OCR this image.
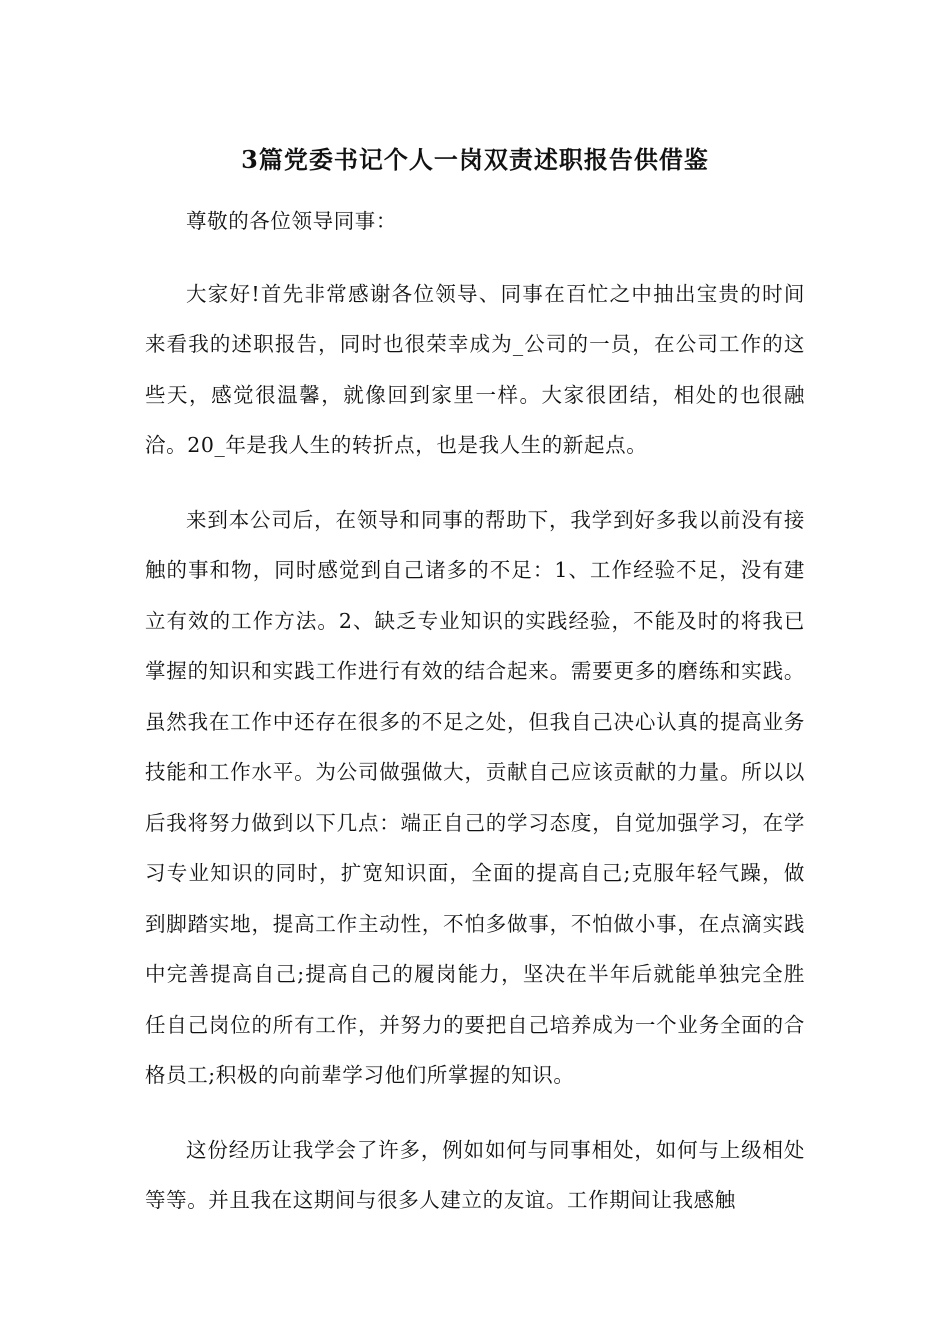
3篇党委书记个人一岗双责述职报告供借鉴

尊敬的各位领导同事：

大家好!首先非常感谢各位领导、同事在百忙之中抽出宝贵的时间来看我的述职报告，同时也很荣幸成为_公司的一员，在公司工作的这些天，感觉很温馨，就像回到家里一样。大家很团结，相处的也很融洽。20_年是我人生的转折点，也是我人生的新起点。

来到本公司后，在领导和同事的帮助下，我学到好多我以前没有接触的事和物，同时感觉到自己诸多的不足：1、工作经验不足，没有建立有效的工作方法。2、缺乏专业知识的实践经验，不能及时的将我已掌握的知识和实践工作进行有效的结合起来。需要更多的磨练和实践。虽然我在工作中还存在很多的不足之处，但我自己决心认真的提高业务技能和工作水平。为公司做强做大，贡献自己应该贡献的力量。所以以后我将努力做到以下几点：端正自己的学习态度，自觉加强学习，在学习专业知识的同时，扩宽知识面，全面的提高自己;克服年轻气躁，做到脚踏实地，提高工作主动性，不怕多做事，不怕做小事，在点滴实践中完善提高自己;提高自己的履岗能力，坚决在半年后就能单独完全胜任自己岗位的所有工作，并努力的要把自己培养成为一个业务全面的合格员工;积极的向前辈学习他们所掌握的知识。

这份经历让我学会了许多，例如如何与同事相处，如何与上级相处等等。并且我在这期间与很多人建立的友谊。工作期间让我感触
